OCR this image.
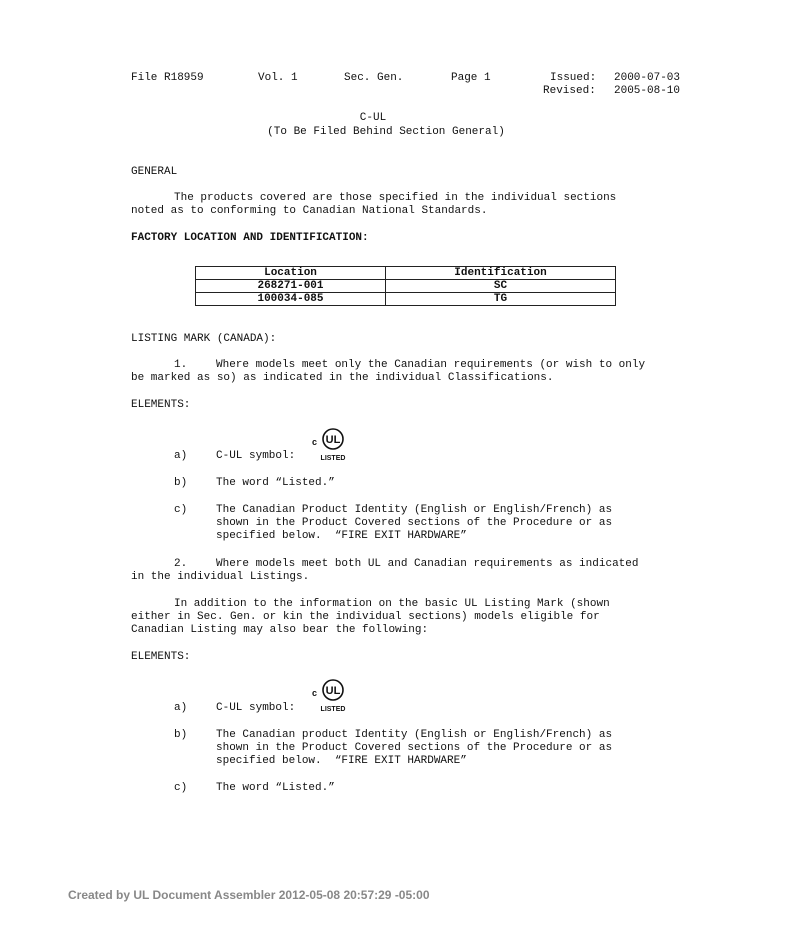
File R18959	Vol. 1	Sec. Gen.	Page 1	Issued: 2000-07-03
Revised: 2005-08-10
C-UL
(To Be Filed Behind Section General)
GENERAL
The products covered are those specified in the individual sections
noted as to conforming to Canadian National Standards.
FACTORY LOCATION AND IDENTIFICATION:
Location	Identification
268271-001	SC
100034-085	TG
LISTING MARK (CANADA):
1.	Where models meet only the Canadian requirements (or wish to only
be marked as so) as indicated in the individual Classifications.
ELEMENTS:
c UL
LISTED
a)	C-UL symbol:
b)	The word “Listed.”
c)	The Canadian Product Identity (English or English/French) as
shown in the Product Covered sections of the Procedure or as
specified below.  “FIRE EXIT HARDWARE”
2.	Where models meet both UL and Canadian requirements as indicated
in the individual Listings.
In addition to the information on the basic UL Listing Mark (shown
either in Sec. Gen. or kin the individual sections) models eligible for
Canadian Listing may also bear the following:
ELEMENTS:
c UL
LISTED
a)	C-UL symbol:
b)	The Canadian product Identity (English or English/French) as
shown in the Product Covered sections of the Procedure or as
specified below.  “FIRE EXIT HARDWARE”
c)	The word “Listed.”
Created by UL Document Assembler 2012-05-08 20:57:29 -05:00
